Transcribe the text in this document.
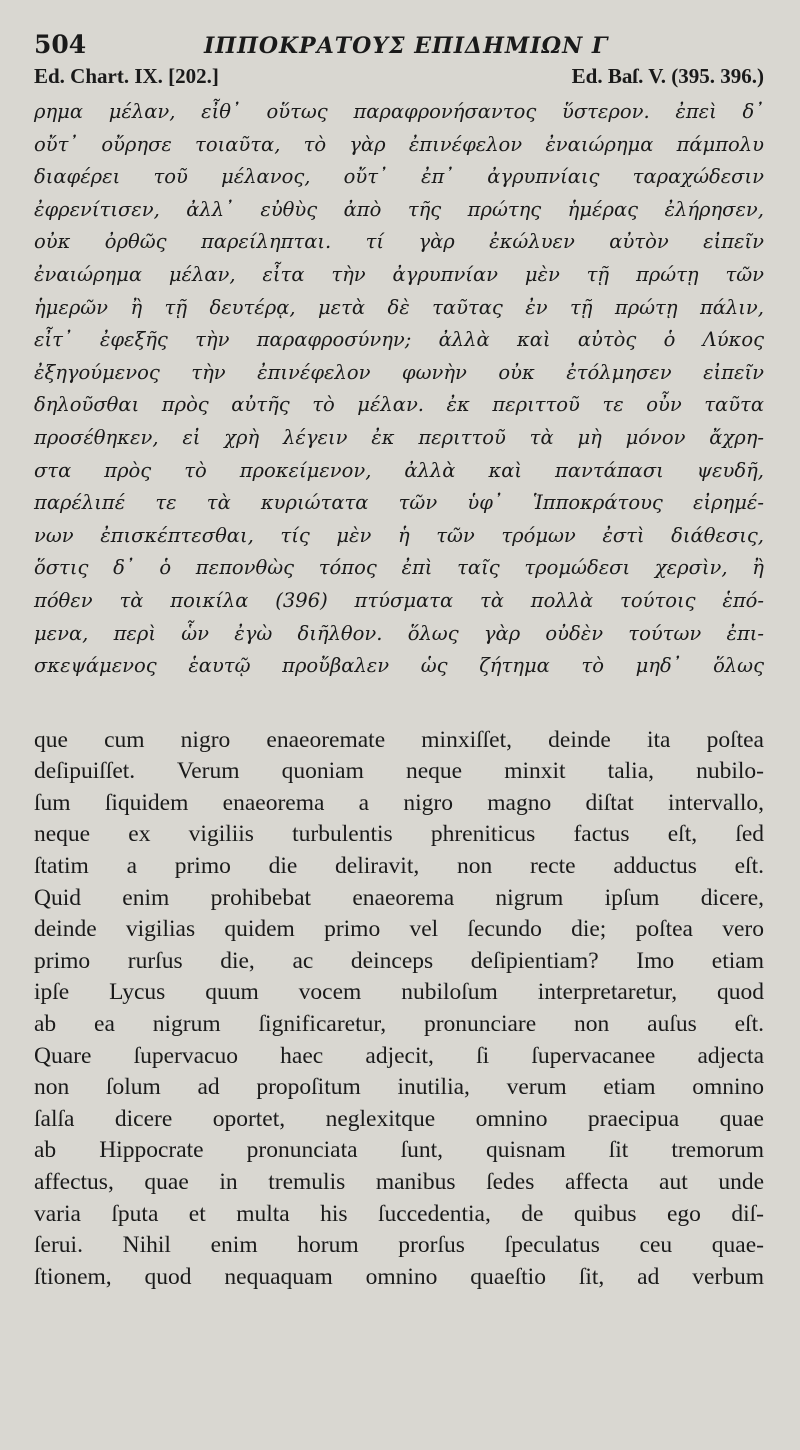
504	ΙΠΠΟΚΡΑΤΟΥΣ ΕΠΙΔΗΜΙΩΝ Γ
Ed. Chart. IX. [202.]	Ed. Baſ. V. (395. 396.)
ρημα μέλαν, εἶθ᾽ οὕτως παραφρονήσαντος ὕστερον. ἐπεὶ δ᾽
οὔτ᾽ οὔρησε τοιαῦτα, τὸ γὰρ ἐπινέφελον ἐναιώρημα πάμπολυ
διαφέρει τοῦ μέλανος, οὔτ᾽ ἐπ᾽ ἀγρυπνίαις ταραχώδεσιν
ἐφρενίτισεν, ἀλλ᾽ εὐθὺς ἀπὸ τῆς πρώτης ἡμέρας ἐλήρησεν,
οὐκ ὀρθῶς παρείληπται. τί γὰρ ἐκώλυεν αὐτὸν εἰπεῖν
ἐναιώρημα μέλαν, εἶτα τὴν ἀγρυπνίαν μὲν τῇ πρώτῃ τῶν
ἡμερῶν ἢ τῇ δευτέρᾳ, μετὰ δὲ ταῦτας ἐν τῇ πρώτῃ πάλιν,
εἶτ᾽ ἐφεξῆς τὴν παραφροσύνην; ἀλλὰ καὶ αὐτὸς ὁ Λύκος
ἐξηγούμενος τὴν ἐπινέφελον φωνὴν οὐκ ἐτόλμησεν εἰπεῖν
δηλοῦσθαι πρὸς αὐτῆς τὸ μέλαν. ἐκ περιττοῦ τε οὖν ταῦτα
προσέθηκεν, εἰ χρὴ λέγειν ἐκ περιττοῦ τὰ μὴ μόνον ἄχρη-
στα πρὸς τὸ προκείμενον, ἀλλὰ καὶ παντάπασι ψευδῆ,
παρέλιπέ τε τὰ κυριώτατα τῶν ὑφ᾽ Ἱπποκράτους εἰρημέ-
νων ἐπισκέπτεσθαι, τίς μὲν ἡ τῶν τρόμων ἐστὶ διάθεσις,
ὅστις δ᾽ ὁ πεπονθὼς τόπος ἐπὶ ταῖς τρομώδεσι χερσὶν, ἢ
πόθεν τὰ ποικίλα (396) πτύσματα τὰ πολλὰ τούτοις ἑπό-
μενα, περὶ ὧν ἐγὼ διῆλθον. ὅλως γὰρ οὐδὲν τούτων ἐπι-
σκεψάμενος ἑαυτῷ προὔβαλεν ὡς ζήτημα τὸ μηδ᾽ ὅλως
que cum nigro enaeoremate minxiſſet, deinde ita poſtea
deſipuiſſet. Verum quoniam neque minxit talia, nubilo-
ſum ſiquidem enaeorema a nigro magno diſtat intervallo,
neque ex vigiliis turbulentis phreniticus factus eſt, ſed
ſtatim a primo die deliravit, non recte adductus eſt.
Quid enim prohibebat enaeorema nigrum ipſum dicere,
deinde vigilias quidem primo vel ſecundo die; poſtea vero
primo rurſus die, ac deinceps deſipientiam? Imo etiam
ipſe Lycus quum vocem nubiloſum interpretaretur, quod
ab ea nigrum ſignificaretur, pronunciare non auſus eſt.
Quare ſupervacuo haec adjecit, ſi ſupervacanee adjecta
non ſolum ad propoſitum inutilia, verum etiam omnino
ſalſa dicere oportet, neglexitque omnino praecipua quae
ab Hippocrate pronunciata ſunt, quisnam ſit tremorum
affectus, quae in tremulis manibus ſedes affecta aut unde
varia ſputa et multa his ſuccedentia, de quibus ego diſ-
ſerui. Nihil enim horum prorſus ſpeculatus ceu quae-
ſtionem, quod nequaquam omnino quaeſtio ſit, ad verbum
